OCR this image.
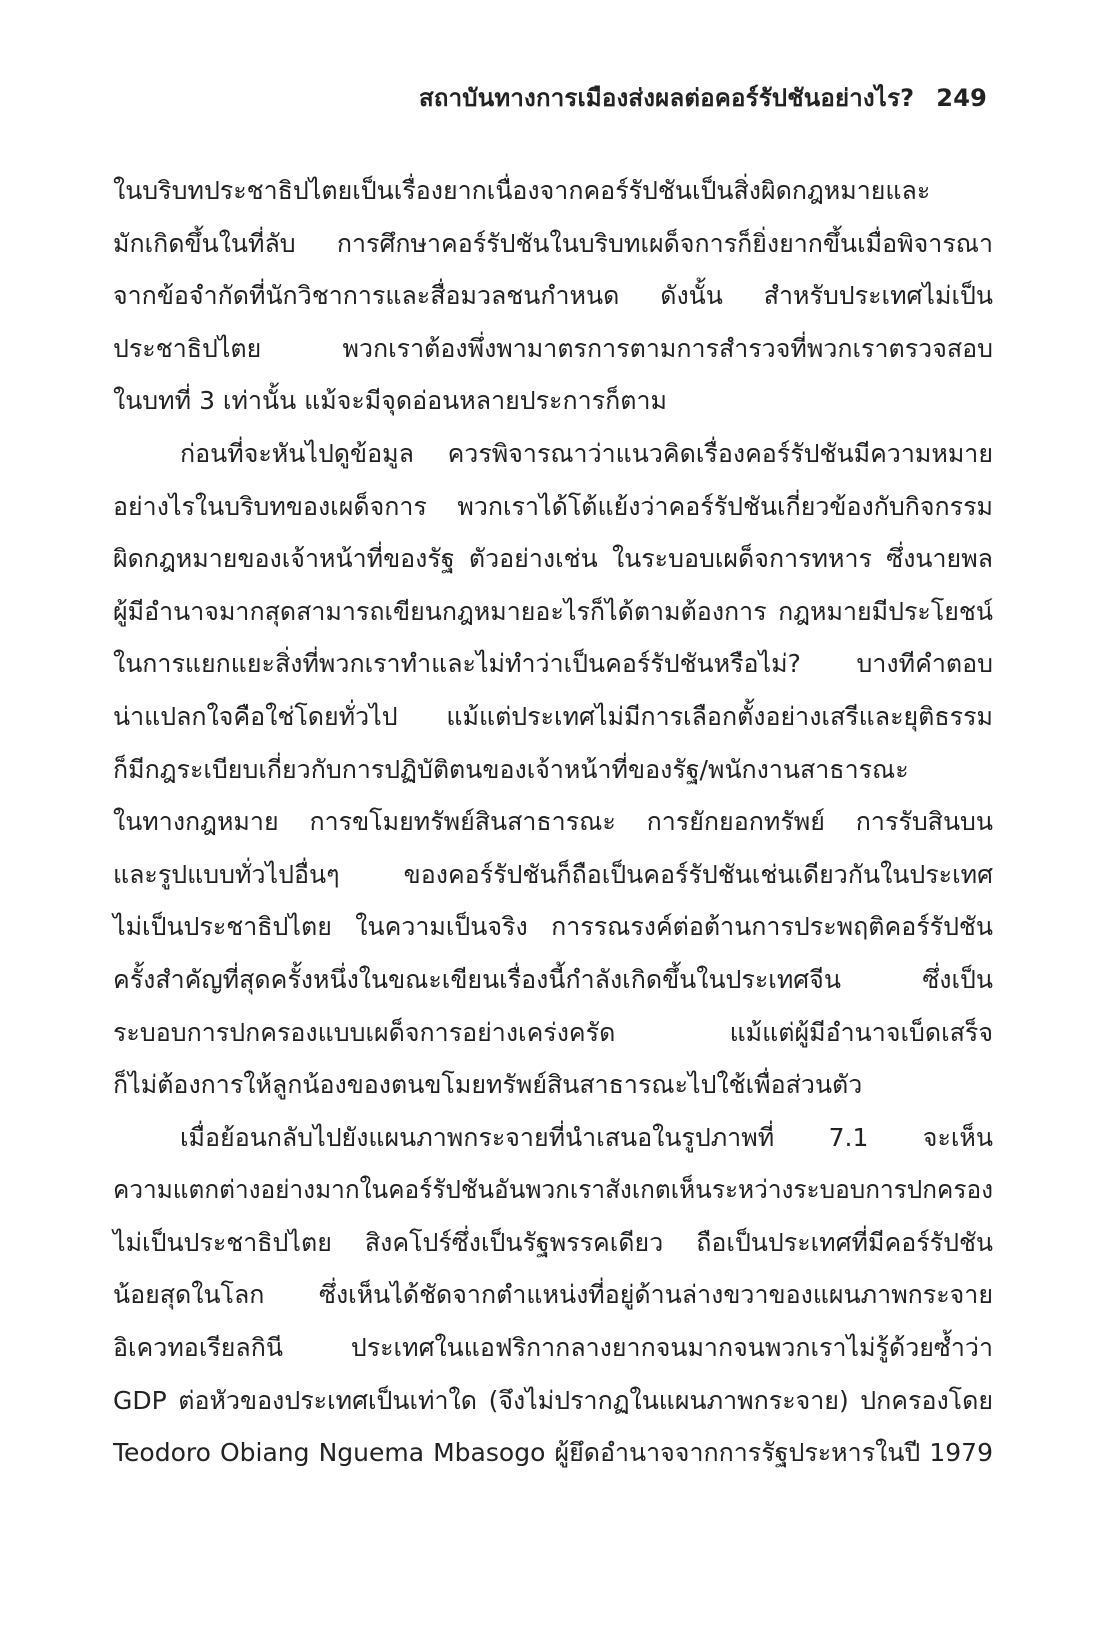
สถาบันทางการเมืองส่งผลต่อคอร์รัปชันอย่างไร? 249
ในบริบทประชาธิปไตยเป็นเรื่องยากเนื่องจากคอร์รัปชันเป็นสิ่งผิดกฎหมายและ
มักเกิดขึ้นในที่ลับ การศึกษาคอร์รัปชันในบริบทเผด็จการก็ยิ่งยากขึ้นเมื่อพิจารณา
จากข้อจำกัดที่นักวิชาการและสื่อมวลชนกำหนด ดังนั้น สำหรับประเทศไม่เป็น
ประชาธิปไตย พวกเราต้องพึ่งพามาตรการตามการสำรวจที่พวกเราตรวจสอบ
ในบทที่ 3 เท่านั้น แม้จะมีจุดอ่อนหลายประการก็ตาม
ก่อนที่จะหันไปดูข้อมูล ควรพิจารณาว่าแนวคิดเรื่องคอร์รัปชันมีความหมาย
อย่างไรในบริบทของเผด็จการ พวกเราได้โต้แย้งว่าคอร์รัปชันเกี่ยวข้องกับกิจกรรม
ผิดกฎหมายของเจ้าหน้าที่ของรัฐ ตัวอย่างเช่น ในระบอบเผด็จการทหาร ซึ่งนายพล
ผู้มีอำนาจมากสุดสามารถเขียนกฎหมายอะไรก็ได้ตามต้องการ กฎหมายมีประโยชน์
ในการแยกแยะสิ่งที่พวกเราทำและไม่ทำว่าเป็นคอร์รัปชันหรือไม่? บางทีคำตอบ
น่าแปลกใจคือใช่โดยทั่วไป แม้แต่ประเทศไม่มีการเลือกตั้งอย่างเสรีและยุติธรรม
ก็มีกฎระเบียบเกี่ยวกับการปฏิบัติตนของเจ้าหน้าที่ของรัฐ/พนักงานสาธารณะ
ในทางกฎหมาย การขโมยทรัพย์สินสาธารณะ การยักยอกทรัพย์ การรับสินบน
และรูปแบบทั่วไปอื่นๆ ของคอร์รัปชันก็ถือเป็นคอร์รัปชันเช่นเดียวกันในประเทศ
ไม่เป็นประชาธิปไตย ในความเป็นจริง การรณรงค์ต่อต้านการประพฤติคอร์รัปชัน
ครั้งสำคัญที่สุดครั้งหนึ่งในขณะเขียนเรื่องนี้กำลังเกิดขึ้นในประเทศจีน ซึ่งเป็น
ระบอบการปกครองแบบเผด็จการอย่างเคร่งครัด แม้แต่ผู้มีอำนาจเบ็ดเสร็จ
ก็ไม่ต้องการให้ลูกน้องของตนขโมยทรัพย์สินสาธารณะไปใช้เพื่อส่วนตัว
เมื่อย้อนกลับไปยังแผนภาพกระจายที่นำเสนอในรูปภาพที่ 7.1 จะเห็น
ความแตกต่างอย่างมากในคอร์รัปชันอันพวกเราสังเกตเห็นระหว่างระบอบการปกครอง
ไม่เป็นประชาธิปไตย สิงคโปร์ซึ่งเป็นรัฐพรรคเดียว ถือเป็นประเทศที่มีคอร์รัปชัน
น้อยสุดในโลก ซึ่งเห็นได้ชัดจากตำแหน่งที่อยู่ด้านล่างขวาของแผนภาพกระจาย
อิเควทอเรียลกินี ประเทศในแอฟริกากลางยากจนมากจนพวกเราไม่รู้ด้วยซ้ำว่า
GDP ต่อหัวของประเทศเป็นเท่าใด (จึงไม่ปรากฏในแผนภาพกระจาย) ปกครองโดย
Teodoro Obiang Nguema Mbasogo ผู้ยึดอำนาจจากการรัฐประหารในปี 1979
